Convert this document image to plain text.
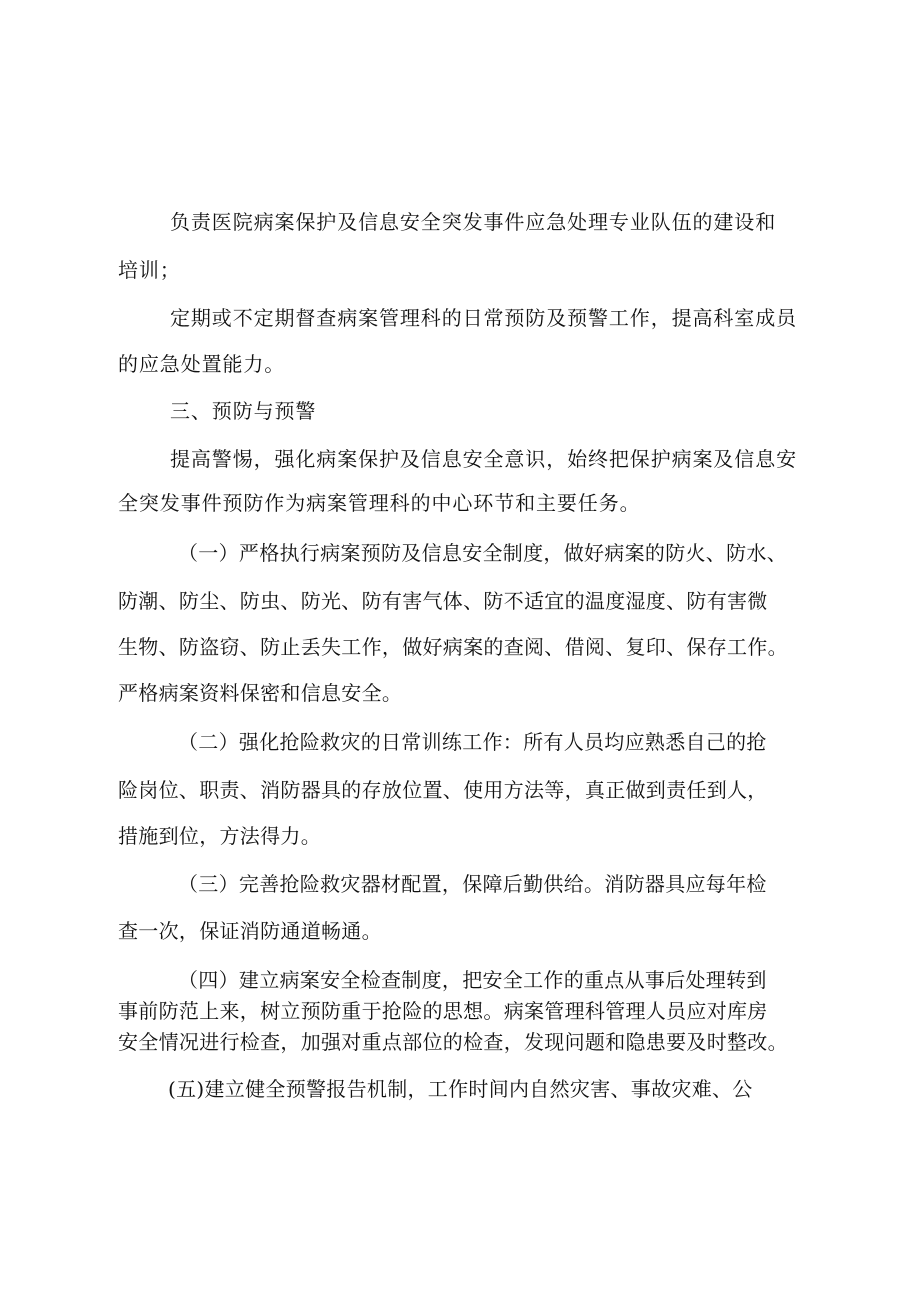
负责医院病案保护及信息安全突发事件应急处理专业队伍的建设和

培训；

定期或不定期督查病案管理科的日常预防及预警工作，提高科室成员

的应急处置能力。

三、预防与预警

提高警惕，强化病案保护及信息安全意识，始终把保护病案及信息安

全突发事件预防作为病案管理科的中心环节和主要任务。

（一）严格执行病案预防及信息安全制度，做好病案的防火、防水、

防潮、防尘、防虫、防光、防有害气体、防不适宜的温度湿度、防有害微

生物、防盗窃、防止丢失工作，做好病案的查阅、借阅、复印、保存工作。

严格病案资料保密和信息安全。

（二）强化抢险救灾的日常训练工作：所有人员均应熟悉自己的抢

险岗位、职责、消防器具的存放位置、使用方法等，真正做到责任到人，

措施到位，方法得力。

（三）完善抢险救灾器材配置，保障后勤供给。消防器具应每年检

查一次，保证消防通道畅通。

（四）建立病案安全检查制度，把安全工作的重点从事后处理转到

事前防范上来，树立预防重于抢险的思想。病案管理科管理人员应对库房

安全情况进行检查，加强对重点部位的检查，发现问题和隐患要及时整改。

(五)建立健全预警报告机制，工作时间内自然灾害、事故灾难、公
